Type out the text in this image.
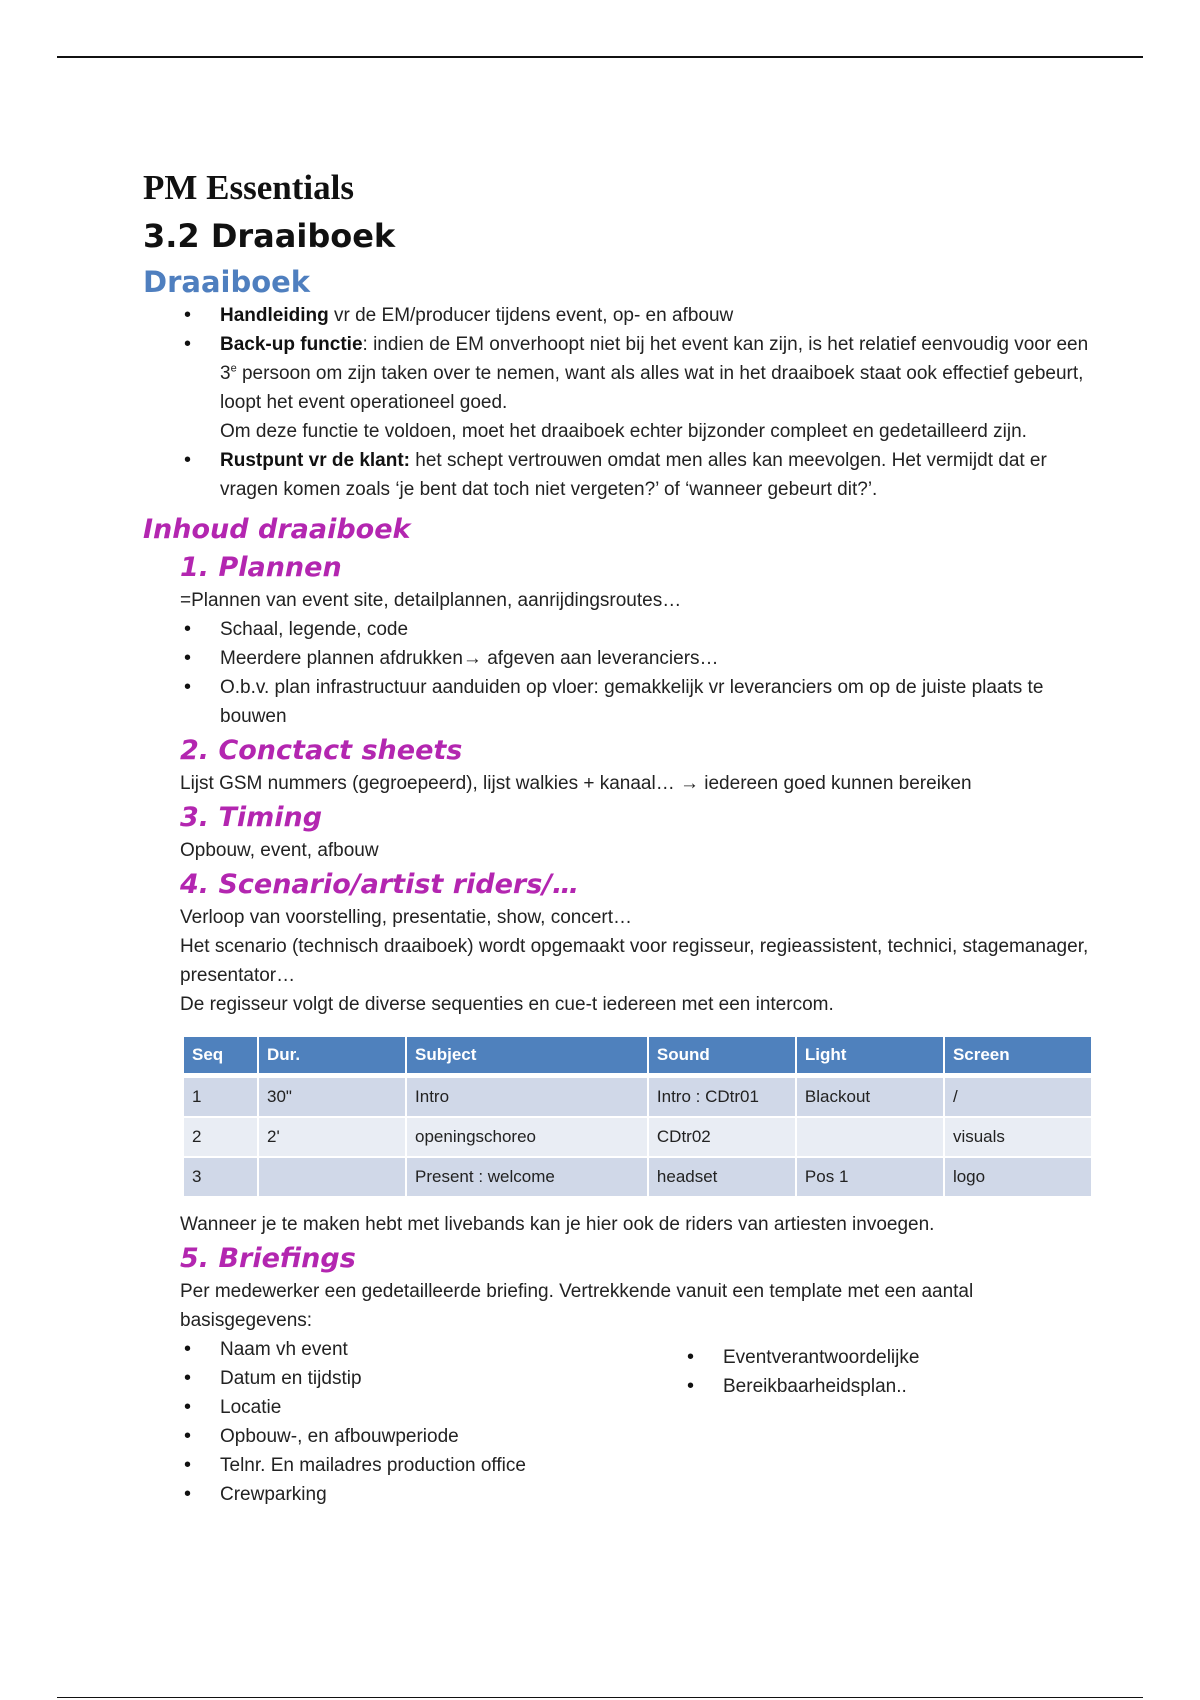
PM Essentials
3.2 Draaiboek
Draaiboek
• Handleiding vr de EM/producer tijdens event, op- en afbouw
• Back-up functie: indien de EM onverhoopt niet bij het event kan zijn, is het relatief eenvoudig voor een 3e persoon om zijn taken over te nemen, want als alles wat in het draaiboek staat ook effectief gebeurt, loopt het event operationeel goed.
Om deze functie te voldoen, moet het draaiboek echter bijzonder compleet en gedetailleerd zijn.
• Rustpunt vr de klant: het schept vertrouwen omdat men alles kan meevolgen. Het vermijdt dat er vragen komen zoals ‘je bent dat toch niet vergeten?’ of ‘wanneer gebeurt dit?’.
Inhoud draaiboek
1. Plannen

=Plannen van event site, detailplannen, aanrijdingsroutes…

• Schaal, legende, code
• Meerdere plannen afdrukken→ afgeven aan leveranciers…
• O.b.v. plan infrastructuur aanduiden op vloer: gemakkelijk vr leveranciers om op de juiste plaats te bouwen
2. Conctact sheets

Lijst GSM nummers (gegroepeerd), lijst walkies + kanaal… → iedereen goed kunnen bereiken

3. Timing

Opbouw, event, afbouw

4. Scenario/artist riders/…

Verloop van voorstelling, presentatie, show, concert…

Het scenario (technisch draaiboek) wordt opgemaakt voor regisseur, regieassistent, technici, stagemanager, presentator…

De regisseur volgt de diverse sequenties en cue-t iedereen met een intercom.

Seq	Dur.	Subject	Sound	Light	Screen
1	30"	Intro	Intro : CDtr01	Blackout	/
2	2'	openingschoreo	CDtr02		visuals
3		Present : welcome	headset	Pos 1	logo

Wanneer je te maken hebt met livebands kan je hier ook de riders van artiesten invoegen.

5. Briefings

Per medewerker een gedetailleerde briefing. Vertrekkende vanuit een template met een aantal basisgegevens:

• Naam vh event
• Datum en tijdstip
• Locatie
• Opbouw-, en afbouwperiode
• Telnr. En mailadres production office
• Crewparking
• Eventverantwoordelijke
• Bereikbaarheidsplan..
